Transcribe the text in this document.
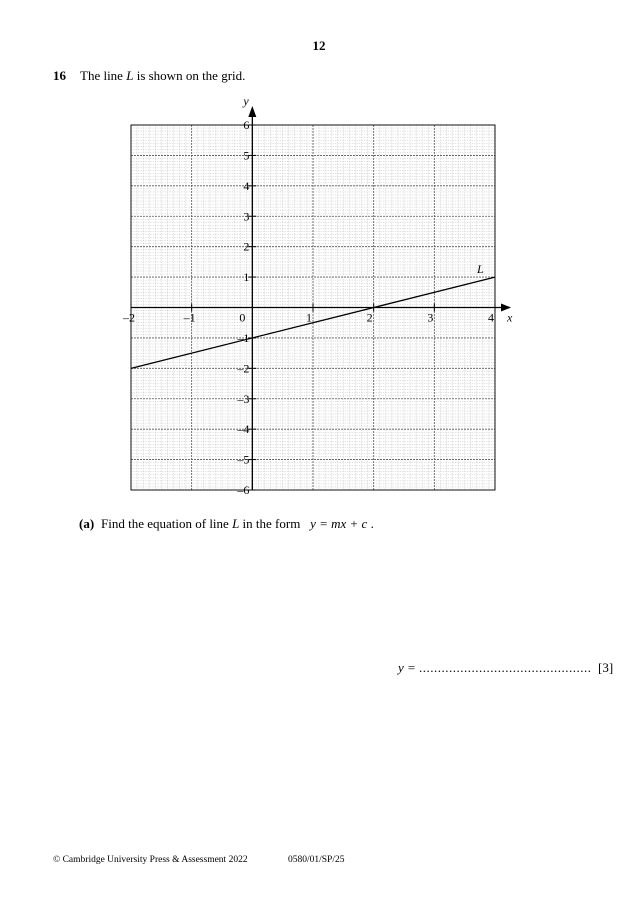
12
16 The line L is shown on the grid.
L
–2	–1	0	1	2	3	4
6
5
4
3
2
1
–1
–2
–3
–4
–5
–6
x
y
(a) Find the equation of line L in the form y = mx + c .
y = .............................................. [3]
© Cambridge University Press & Assessment 2022	0580/01/SP/25
